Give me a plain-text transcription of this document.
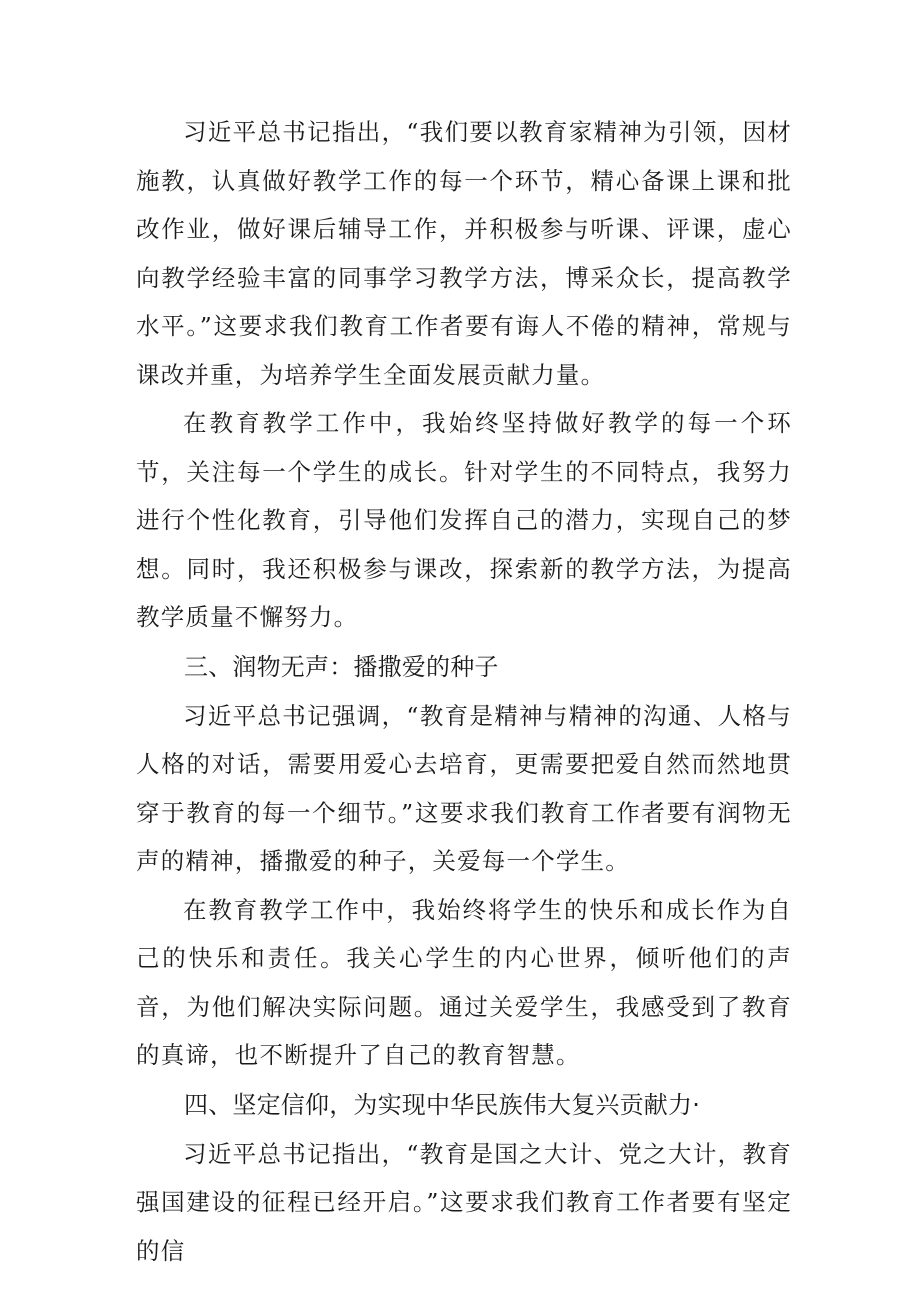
习近平总书记指出，“我们要以教育家精神为引领，因材施教，认真做好教学工作的每一个环节，精心备课上课和批改作业，做好课后辅导工作，并积极参与听课、评课，虚心向教学经验丰富的同事学习教学方法，博采众长，提高教学水平。”这要求我们教育工作者要有诲人不倦的精神，常规与课改并重，为培养学生全面发展贡献力量。

在教育教学工作中，我始终坚持做好教学的每一个环节，关注每一个学生的成长。针对学生的不同特点，我努力进行个性化教育，引导他们发挥自己的潜力，实现自己的梦想。同时，我还积极参与课改，探索新的教学方法，为提高教学质量不懈努力。

三、润物无声：播撒爱的种子

习近平总书记强调，“教育是精神与精神的沟通、人格与人格的对话，需要用爱心去培育，更需要把爱自然而然地贯穿于教育的每一个细节。”这要求我们教育工作者要有润物无声的精神，播撒爱的种子，关爱每一个学生。

在教育教学工作中，我始终将学生的快乐和成长作为自己的快乐和责任。我关心学生的内心世界，倾听他们的声音，为他们解决实际问题。通过关爱学生，我感受到了教育的真谛，也不断提升了自己的教育智慧。

四、坚定信仰，为实现中华民族伟大复兴贡献力·

习近平总书记指出，“教育是国之大计、党之大计，教育强国建设的征程已经开启。”这要求我们教育工作者要有坚定的信
